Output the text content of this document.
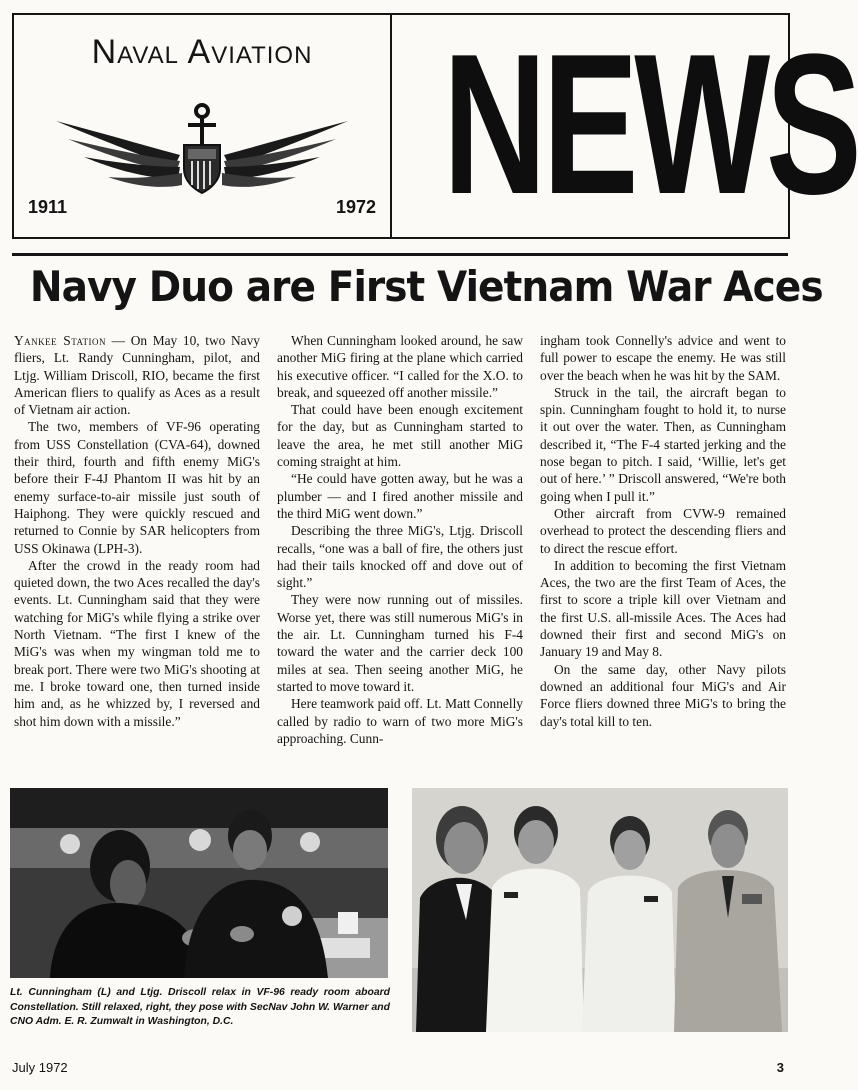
Naval Aviation
1911	1972 NEWS
Navy Duo are First Vietnam War Aces

Yankee Station — On May 10, two Navy fliers, Lt. Randy Cunningham, pilot, and Ltjg. William Driscoll, RIO, became the first American fliers to qualify as Aces as a result of Vietnam air action.

The two, members of VF-96 operating from USS Constellation (CVA-64), downed their third, fourth and fifth enemy MiG's before their F-4J Phantom II was hit by an enemy surface-to-air missile just south of Haiphong. They were quickly rescued and returned to Connie by SAR helicopters from USS Okinawa (LPH-3).

After the crowd in the ready room had quieted down, the two Aces recalled the day's events. Lt. Cunningham said that they were watching for MiG's while flying a strike over North Vietnam. “The first I knew of the MiG's was when my wingman told me to break port. There were two MiG's shooting at me. I broke toward one, then turned inside him and, as he whizzed by, I reversed and shot him down with a missile.”

When Cunningham looked around, he saw another MiG firing at the plane which carried his executive officer. “I called for the X.O. to break, and squeezed off another missile.”

That could have been enough excitement for the day, but as Cunningham started to leave the area, he met still another MiG coming straight at him.

“He could have gotten away, but he was a plumber — and I fired another missile and the third MiG went down.”

Describing the three MiG's, Ltjg. Driscoll recalls, “one was a ball of fire, the others just had their tails knocked off and dove out of sight.”

They were now running out of missiles. Worse yet, there was still numerous MiG's in the air. Lt. Cunningham turned his F-4 toward the water and the carrier deck 100 miles at sea. Then seeing another MiG, he started to move toward it.

Here teamwork paid off. Lt. Matt Connelly called by radio to warn of two more MiG's approaching. Cunn-

ingham took Connelly's advice and went to full power to escape the enemy. He was still over the beach when he was hit by the SAM.

Struck in the tail, the aircraft began to spin. Cunningham fought to hold it, to nurse it out over the water. Then, as Cunningham described it, “The F-4 started jerking and the nose began to pitch. I said, ‘Willie, let's get out of here.’ ” Driscoll answered, “We're both going when I pull it.”

Other aircraft from CVW-9 remained overhead to protect the descending fliers and to direct the rescue effort.

In addition to becoming the first Vietnam Aces, the two are the first Team of Aces, the first to score a triple kill over Vietnam and the first U.S. all-missile Aces. The Aces had downed their first and second MiG's on January 19 and May 8.

On the same day, other Navy pilots downed an additional four MiG's and Air Force fliers downed three MiG's to bring the day's total kill to ten.

Lt. Cunningham (L) and Ltjg. Driscoll relax in VF-96 ready room aboard Constellation. Still relaxed, right, they pose with SecNav John W. Warner and CNO Adm. E. R. Zumwalt in Washington, D.C.
July 1972	3
